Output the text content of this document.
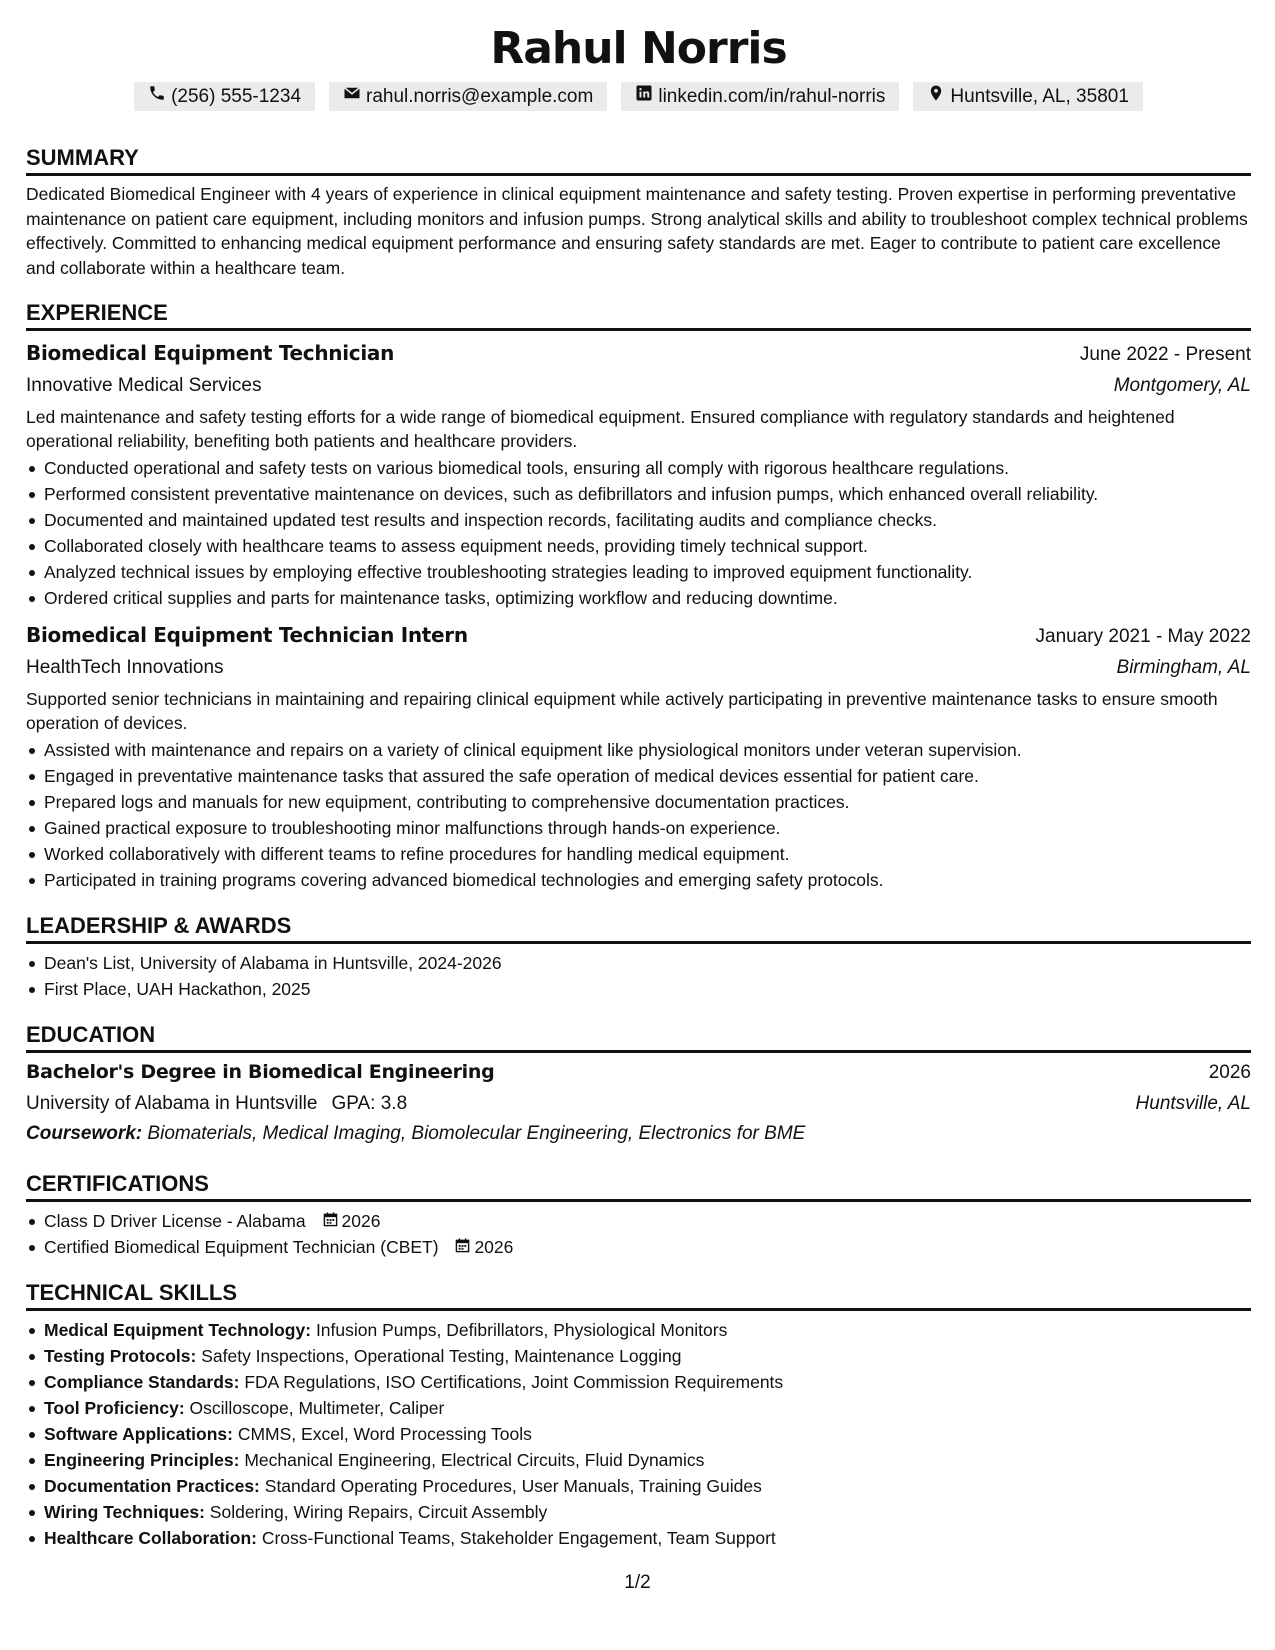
Rahul Norris
(256) 555-1234	rahul.norris@example.com	linkedin.com/in/rahul-norris	Huntsville, AL, 35801
SUMMARY
Dedicated Biomedical Engineer with 4 years of experience in clinical equipment maintenance and safety testing. Proven expertise in performing preventative maintenance on patient care equipment, including monitors and infusion pumps. Strong analytical skills and ability to troubleshoot complex technical problems effectively. Committed to enhancing medical equipment performance and ensuring safety standards are met. Eager to contribute to patient care excellence and collaborate within a healthcare team.
EXPERIENCE
Biomedical Equipment Technician	June 2022 - Present
Innovative Medical Services	Montgomery, AL
Led maintenance and safety testing efforts for a wide range of biomedical equipment. Ensured compliance with regulatory standards and heightened operational reliability, benefiting both patients and healthcare providers.
Conducted operational and safety tests on various biomedical tools, ensuring all comply with rigorous healthcare regulations.
Performed consistent preventative maintenance on devices, such as defibrillators and infusion pumps, which enhanced overall reliability.
Documented and maintained updated test results and inspection records, facilitating audits and compliance checks.
Collaborated closely with healthcare teams to assess equipment needs, providing timely technical support.
Analyzed technical issues by employing effective troubleshooting strategies leading to improved equipment functionality.
Ordered critical supplies and parts for maintenance tasks, optimizing workflow and reducing downtime.
Biomedical Equipment Technician Intern	January 2021 - May 2022
HealthTech Innovations	Birmingham, AL
Supported senior technicians in maintaining and repairing clinical equipment while actively participating in preventive maintenance tasks to ensure smooth operation of devices.
Assisted with maintenance and repairs on a variety of clinical equipment like physiological monitors under veteran supervision.
Engaged in preventative maintenance tasks that assured the safe operation of medical devices essential for patient care.
Prepared logs and manuals for new equipment, contributing to comprehensive documentation practices.
Gained practical exposure to troubleshooting minor malfunctions through hands-on experience.
Worked collaboratively with different teams to refine procedures for handling medical equipment.
Participated in training programs covering advanced biomedical technologies and emerging safety protocols.
LEADERSHIP & AWARDS
Dean's List, University of Alabama in Huntsville, 2024-2026
First Place, UAH Hackathon, 2025
EDUCATION
Bachelor's Degree in Biomedical Engineering	2026
University of Alabama in Huntsville GPA: 3.8	Huntsville, AL
Coursework: Biomaterials, Medical Imaging, Biomolecular Engineering, Electronics for BME
CERTIFICATIONS
Class D Driver License - Alabama 2026
Certified Biomedical Equipment Technician (CBET) 2026
TECHNICAL SKILLS
Medical Equipment Technology: Infusion Pumps, Defibrillators, Physiological Monitors
Testing Protocols: Safety Inspections, Operational Testing, Maintenance Logging
Compliance Standards: FDA Regulations, ISO Certifications, Joint Commission Requirements
Tool Proficiency: Oscilloscope, Multimeter, Caliper
Software Applications: CMMS, Excel, Word Processing Tools
Engineering Principles: Mechanical Engineering, Electrical Circuits, Fluid Dynamics
Documentation Practices: Standard Operating Procedures, User Manuals, Training Guides
Wiring Techniques: Soldering, Wiring Repairs, Circuit Assembly
Healthcare Collaboration: Cross-Functional Teams, Stakeholder Engagement, Team Support
1/2
